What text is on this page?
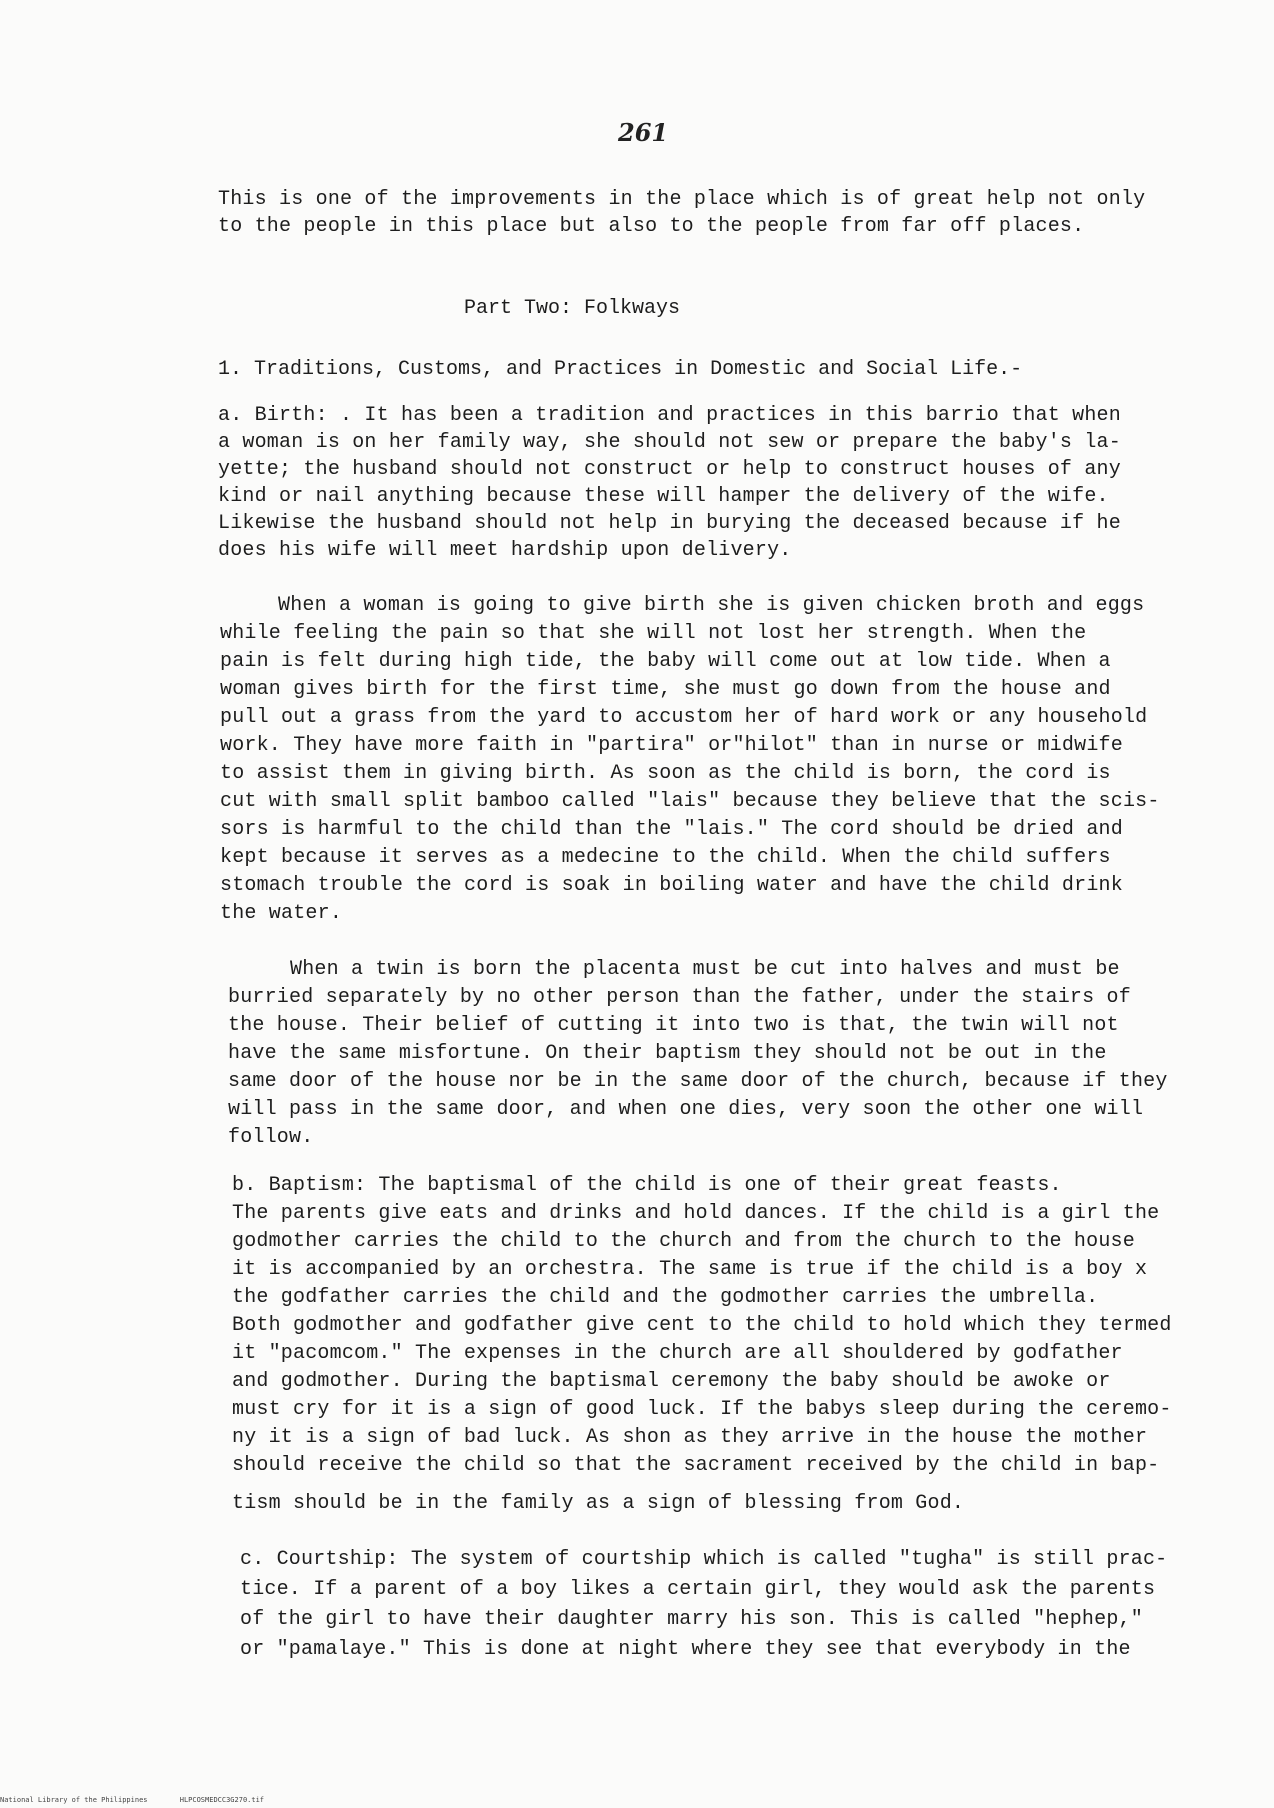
261
This is one of the improvements in the place which is of great help not only
to the people in this place but also to the people from far off places.
Part Two: Folkways
1. Traditions, Customs, and Practices in Domestic and Social Life.-
a. Birth: . It has been a tradition and practices in this barrio that when
a woman is on her family way, she should not sew or prepare the baby's la-
yette; the husband should not construct or help to construct houses of any
kind or nail anything because these will hamper the delivery of the wife.
Likewise the husband should not help in burying the deceased because if he
does his wife will meet hardship upon delivery.
When a woman is going to give birth she is given chicken broth and eggs
while feeling the pain so that she will not lost her strength. When the
pain is felt during high tide, the baby will come out at low tide. When a
woman gives birth for the first time, she must go down from the house and
pull out a grass from the yard to accustom her of hard work or any household
work. They have more faith in "partira" or"hilot" than in nurse or midwife
to assist them in giving birth. As soon as the child is born, the cord is
cut with small split bamboo called "lais" because they believe that the scis-
sors is harmful to the child than the "lais." The cord should be dried and
kept because it serves as a medecine to the child. When the child suffers
stomach trouble the cord is soak in boiling water and have the child drink
the water.
When a twin is born the placenta must be cut into halves and must be
burried separately by no other person than the father, under the stairs of
the house. Their belief of cutting it into two is that, the twin will not
have the same misfortune. On their baptism they should not be out in the
same door of the house nor be in the same door of the church, because if they
will pass in the same door, and when one dies, very soon the other one will
follow.
b. Baptism: The baptismal of the child is one of their great feasts.
The parents give eats and drinks and hold dances. If the child is a girl the
godmother carries the child to the church and from the church to the house
it is accompanied by an orchestra. The same is true if the child is a boy x
the godfather carries the child and the godmother carries the umbrella.
Both godmother and godfather give cent to the child to hold which they termed
it "pacomcom." The expenses in the church are all shouldered by godfather
and godmother. During the baptismal ceremony the baby should be awoke or
must cry for it is a sign of good luck. If the babys sleep during the ceremo-
ny it is a sign of bad luck. As shon as they arrive in the house the mother
should receive the child so that the sacrament received by the child in bap-
tism should be in the family as a sign of blessing from God.
c. Courtship: The system of courtship which is called "tugha" is still prac-
tice. If a parent of a boy likes a certain girl, they would ask the parents
of the girl to have their daughter marry his son. This is called "hephep,"
or "pamalaye." This is done at night where they see that everybody in the
National Library of the Philippines	HLPCOSMEDCC3G270.tif
